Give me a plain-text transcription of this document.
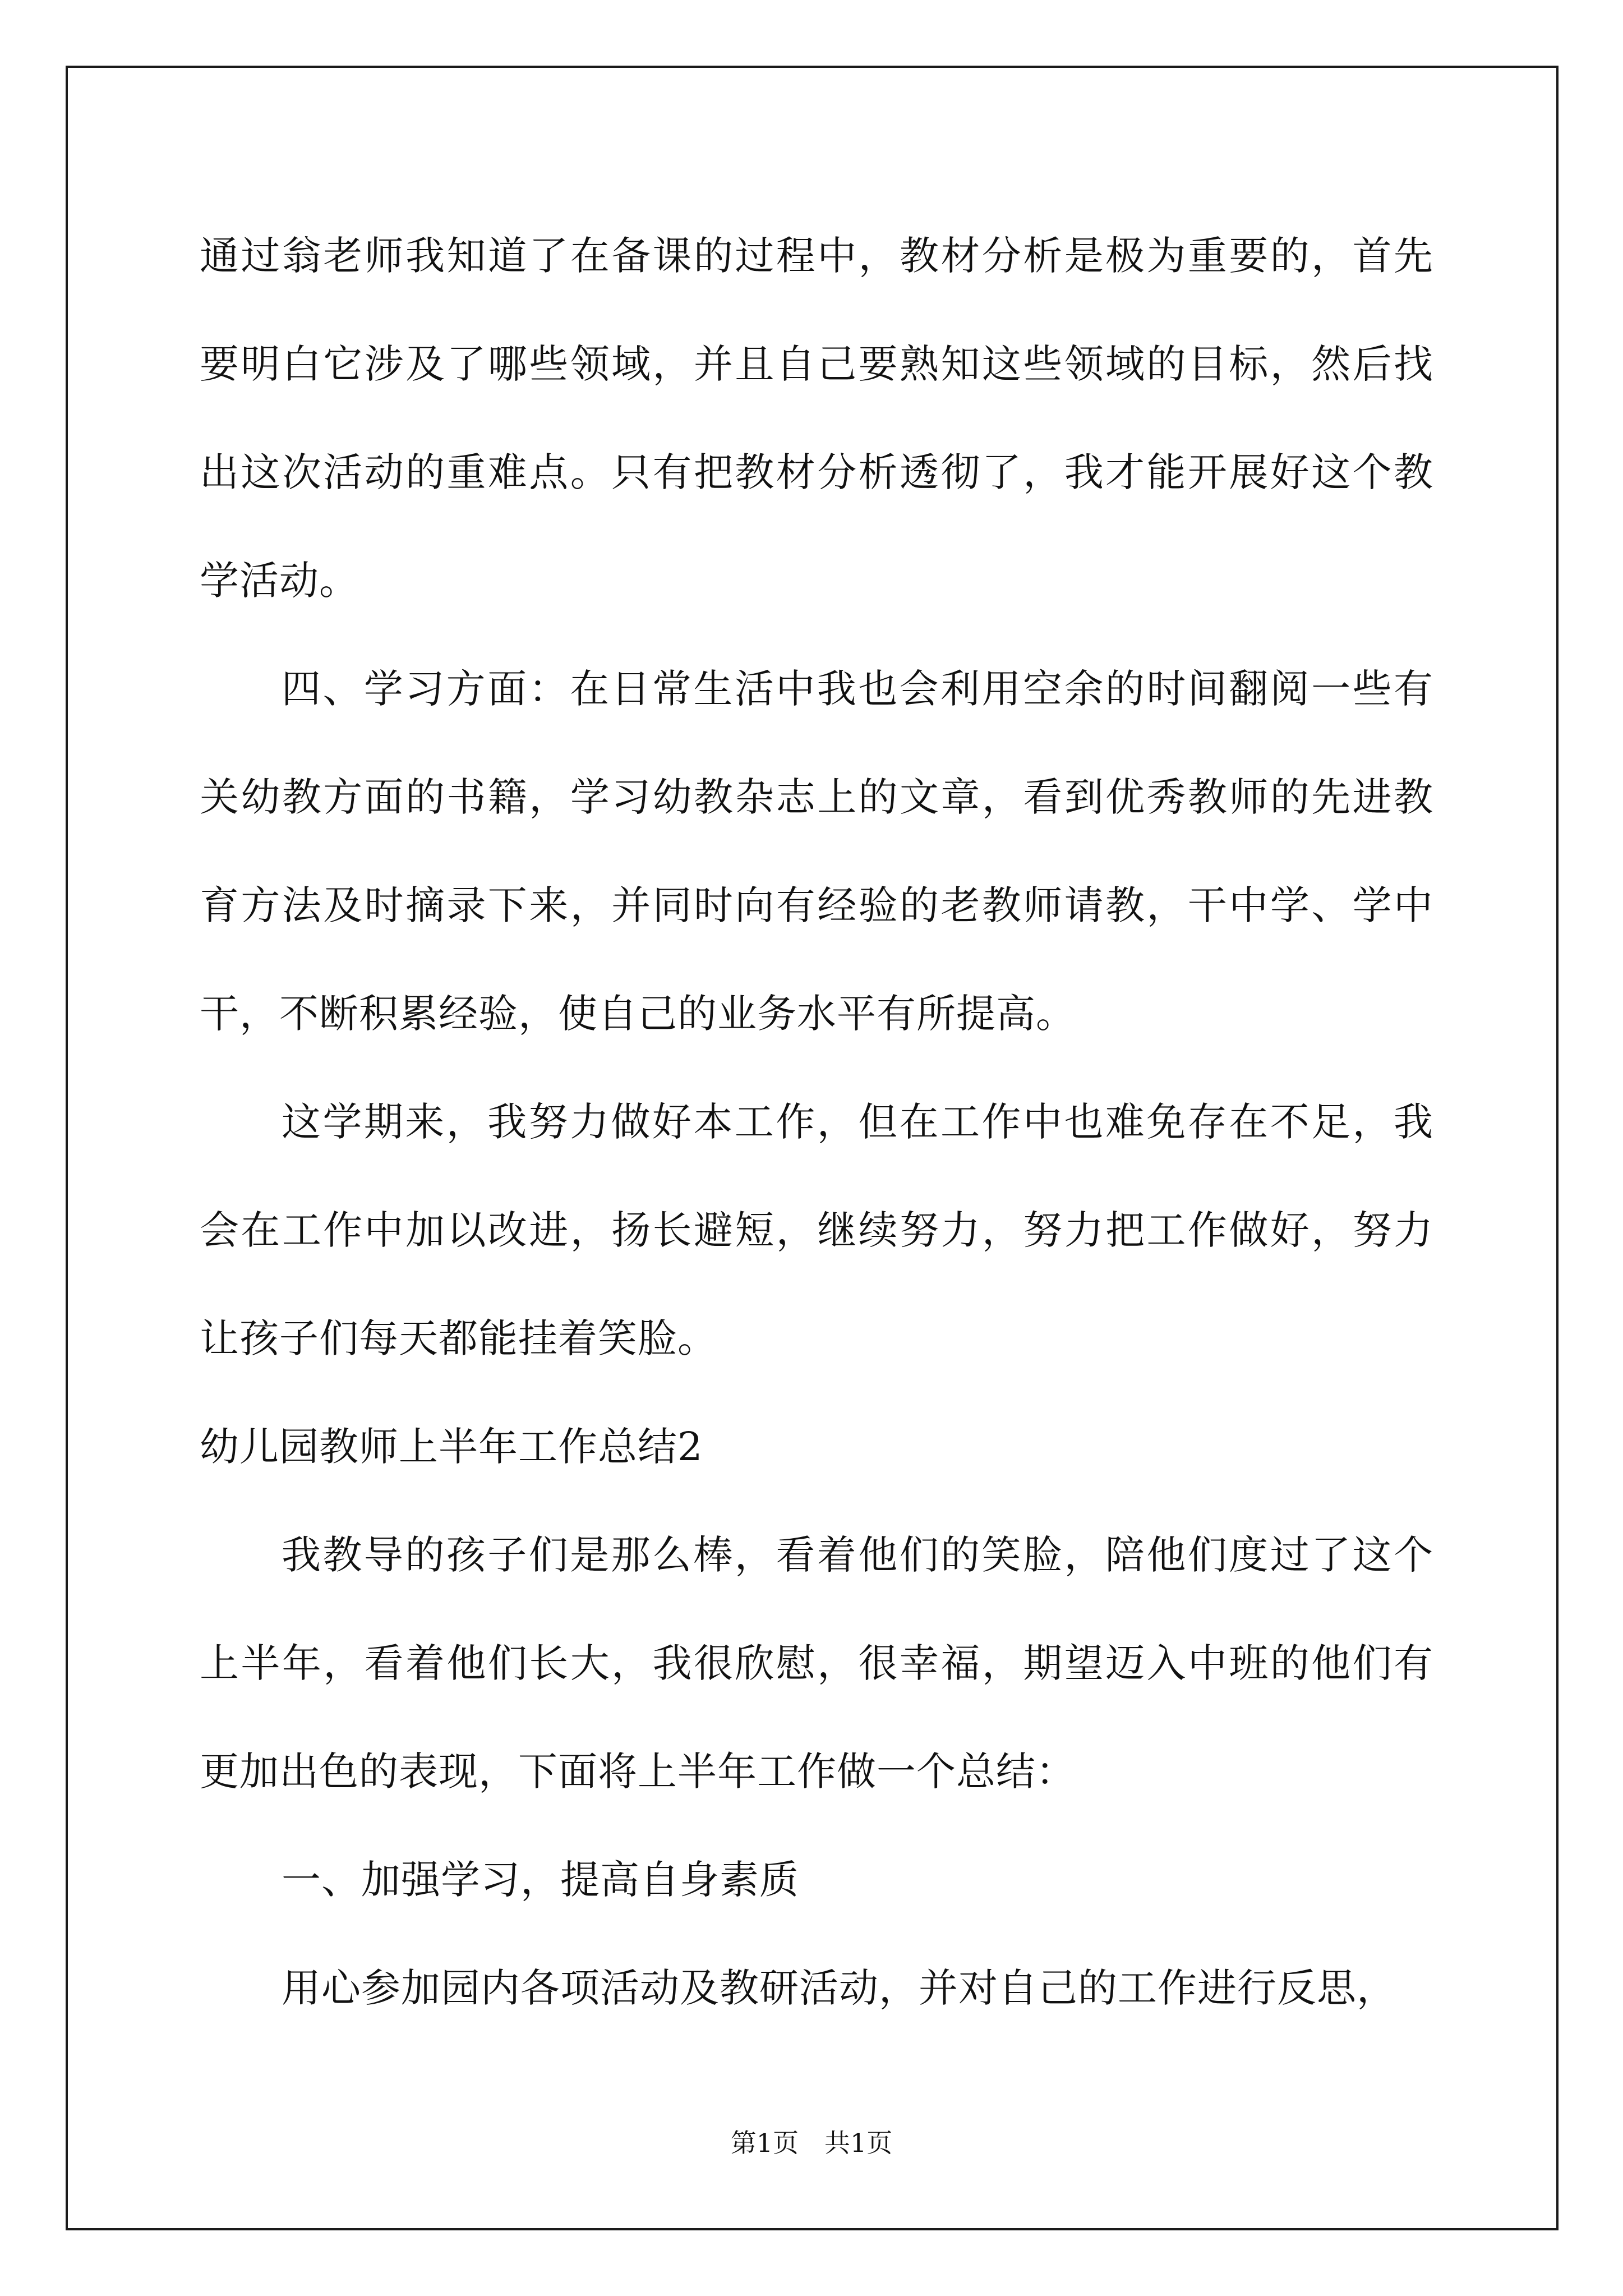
通过翁老师我知道了在备课的过程中，教材分析是极为重要的，首先要明白它涉及了哪些领域，并且自己要熟知这些领域的目标，然后找出这次活动的重难点。只有把教材分析透彻了，我才能开展好这个教学活动。

四、学习方面：在日常生活中我也会利用空余的时间翻阅一些有关幼教方面的书籍，学习幼教杂志上的文章，看到优秀教师的先进教育方法及时摘录下来，并同时向有经验的老教师请教，干中学、学中干，不断积累经验，使自己的业务水平有所提高。

这学期来，我努力做好本工作，但在工作中也难免存在不足，我会在工作中加以改进，扬长避短，继续努力，努力把工作做好，努力让孩子们每天都能挂着笑脸。

幼儿园教师上半年工作总结2

我教导的孩子们是那么棒，看着他们的笑脸，陪他们度过了这个上半年，看着他们长大，我很欣慰，很幸福，期望迈入中班的他们有更加出色的表现，下面将上半年工作做一个总结：

一、加强学习，提高自身素质

用心参加园内各项活动及教研活动，并对自己的工作进行反思，

第1页　共1页
